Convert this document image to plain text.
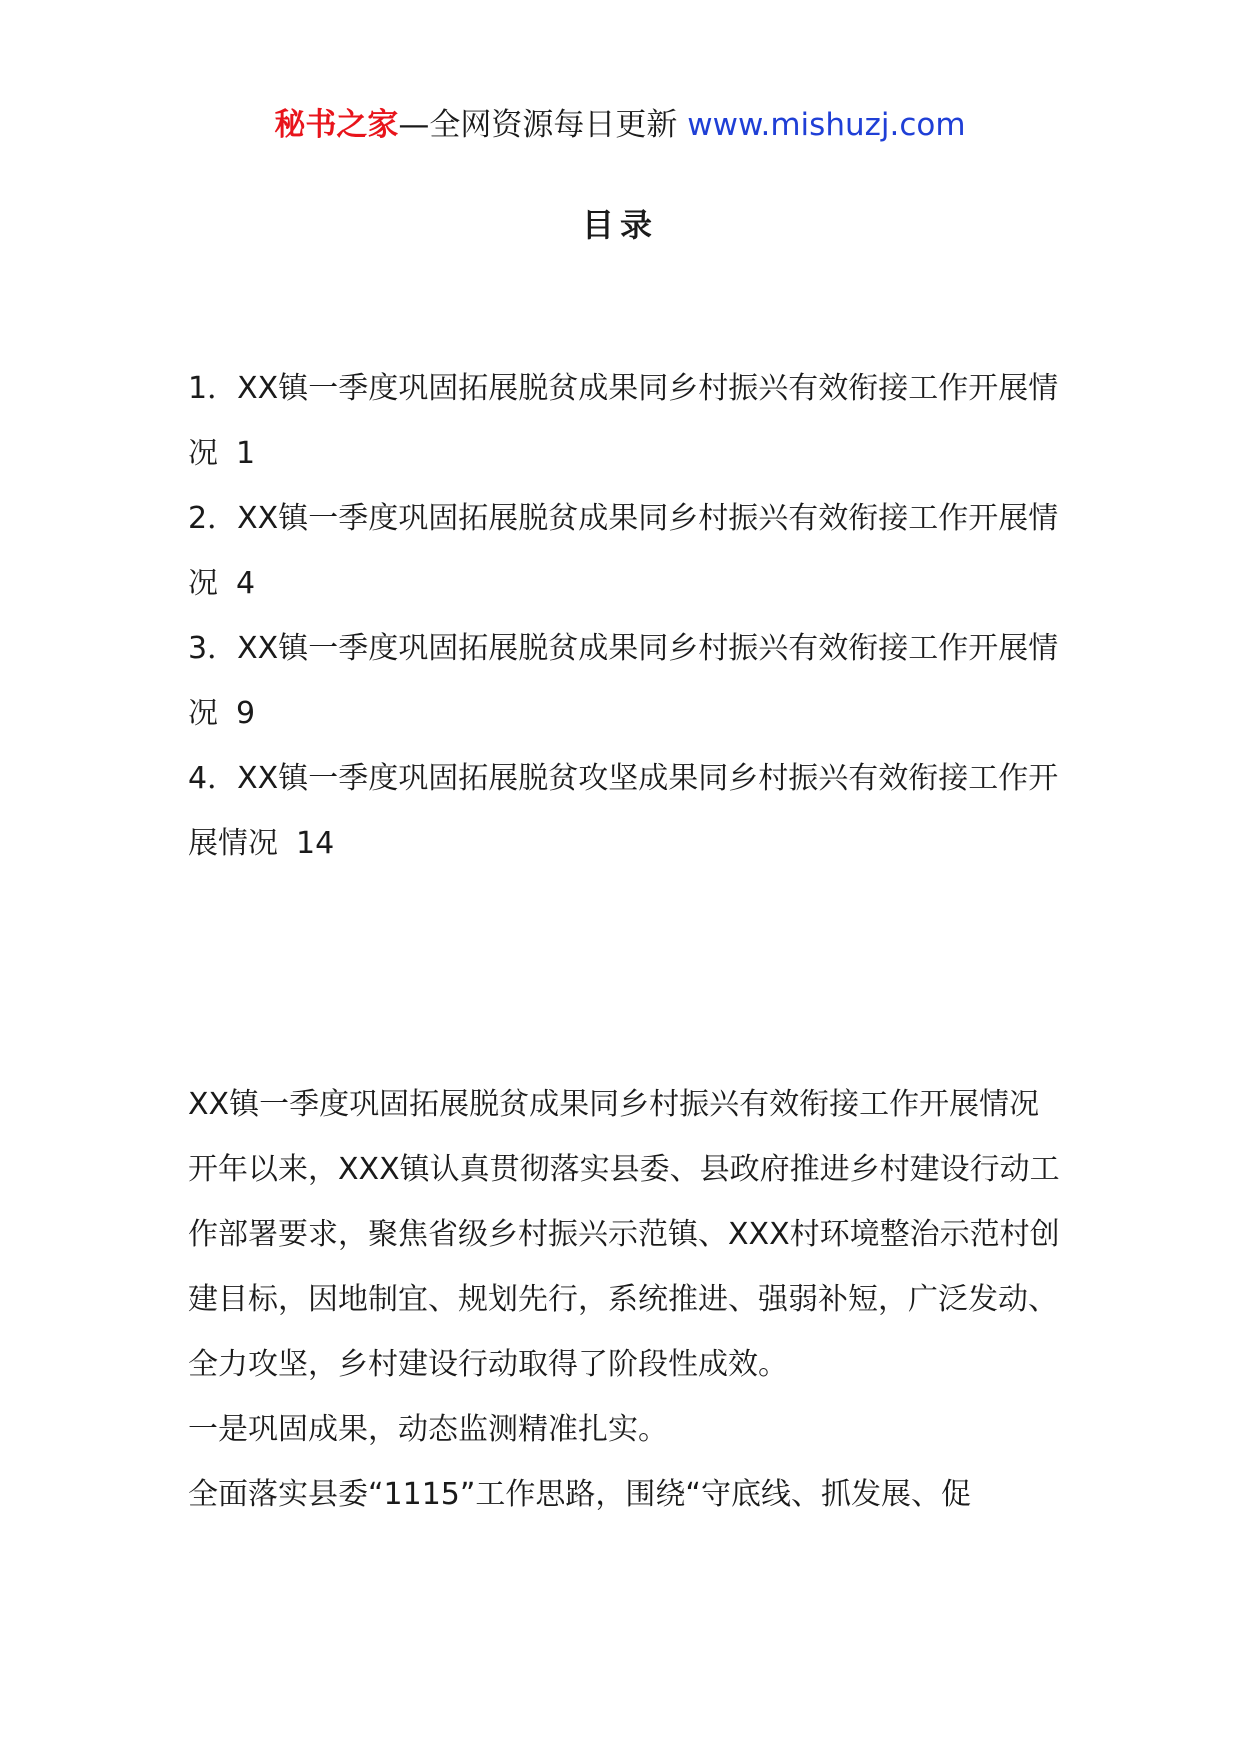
秘书之家—全网资源每日更新 www.mishuzj.com
目录
1．XX镇一季度巩固拓展脱贫成果同乡村振兴有效衔接工作开展情况 1
2．XX镇一季度巩固拓展脱贫成果同乡村振兴有效衔接工作开展情况 4
3．XX镇一季度巩固拓展脱贫成果同乡村振兴有效衔接工作开展情况 9
4．XX镇一季度巩固拓展脱贫攻坚成果同乡村振兴有效衔接工作开展情况 14

XX镇一季度巩固拓展脱贫成果同乡村振兴有效衔接工作开展情况

开年以来，XXX镇认真贯彻落实县委、县政府推进乡村建设行动工作部署要求，聚焦省级乡村振兴示范镇、XXX村环境整治示范村创建目标，因地制宜、规划先行，系统推进、强弱补短，广泛发动、全力攻坚，乡村建设行动取得了阶段性成效。

一是巩固成果，动态监测精准扎实。

全面落实县委“1115”工作思路，围绕“守底线、抓发展、促
